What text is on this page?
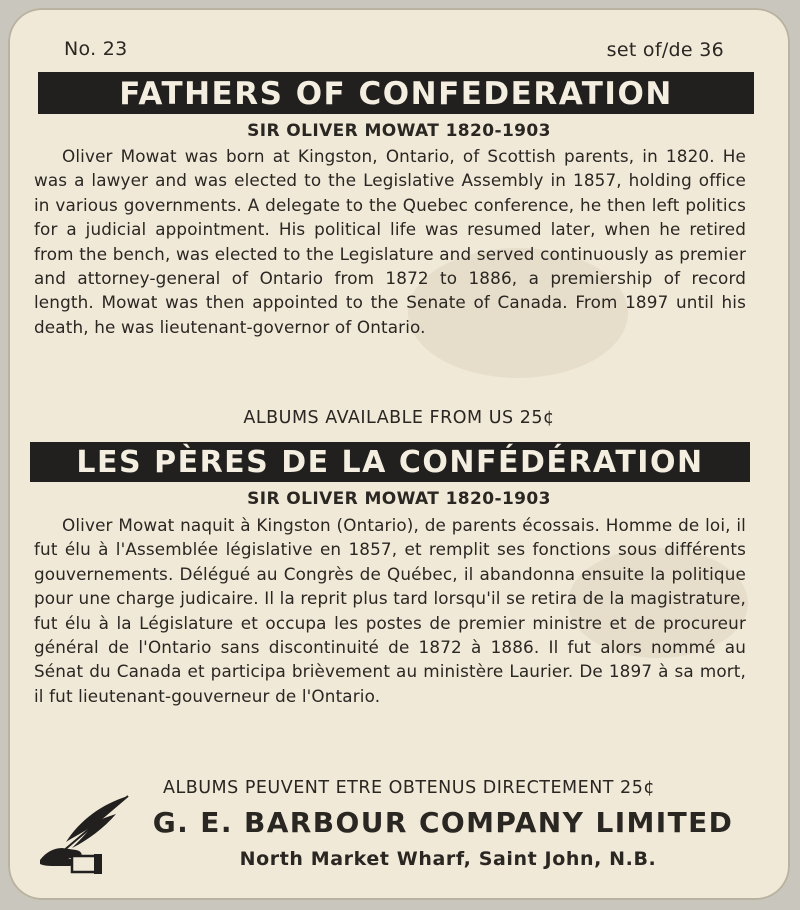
No. 23	set of/de 36
FATHERS OF CONFEDERATION
SIR OLIVER MOWAT 1820-1903
Oliver Mowat was born at Kingston, Ontario, of Scottish parents, in 1820. He was a lawyer and was elected to the Legislative Assembly in 1857, holding office in various governments. A delegate to the Quebec conference, he then left politics for a judicial appointment. His political life was resumed later, when he retired from the bench, was elected to the Legislature and served continuously as premier and attorney-general of Ontario from 1872 to 1886, a premiership of record length. Mowat was then appointed to the Senate of Canada. From 1897 until his death, he was lieutenant-governor of Ontario.
ALBUMS AVAILABLE FROM US 25¢
LES PÈRES DE LA CONFÉDÉRATION
SIR OLIVER MOWAT 1820-1903
Oliver Mowat naquit à Kingston (Ontario), de parents écossais. Homme de loi, il fut élu à l'Assemblée législative en 1857, et remplit ses fonctions sous différents gouvernements. Délégué au Congrès de Québec, il abandonna ensuite la politique pour une charge judicaire. Il la reprit plus tard lorsqu'il se retira de la magistrature, fut élu à la Législature et occupa les postes de premier ministre et de procureur général de l'Ontario sans discontinuité de 1872 à 1886. Il fut alors nommé au Sénat du Canada et participa brièvement au ministère Laurier. De 1897 à sa mort, il fut lieutenant-gouverneur de l'Ontario.
ALBUMS PEUVENT ETRE OBTENUS DIRECTEMENT 25¢
G. E. BARBOUR COMPANY LIMITED
North Market Wharf, Saint John, N.B.
